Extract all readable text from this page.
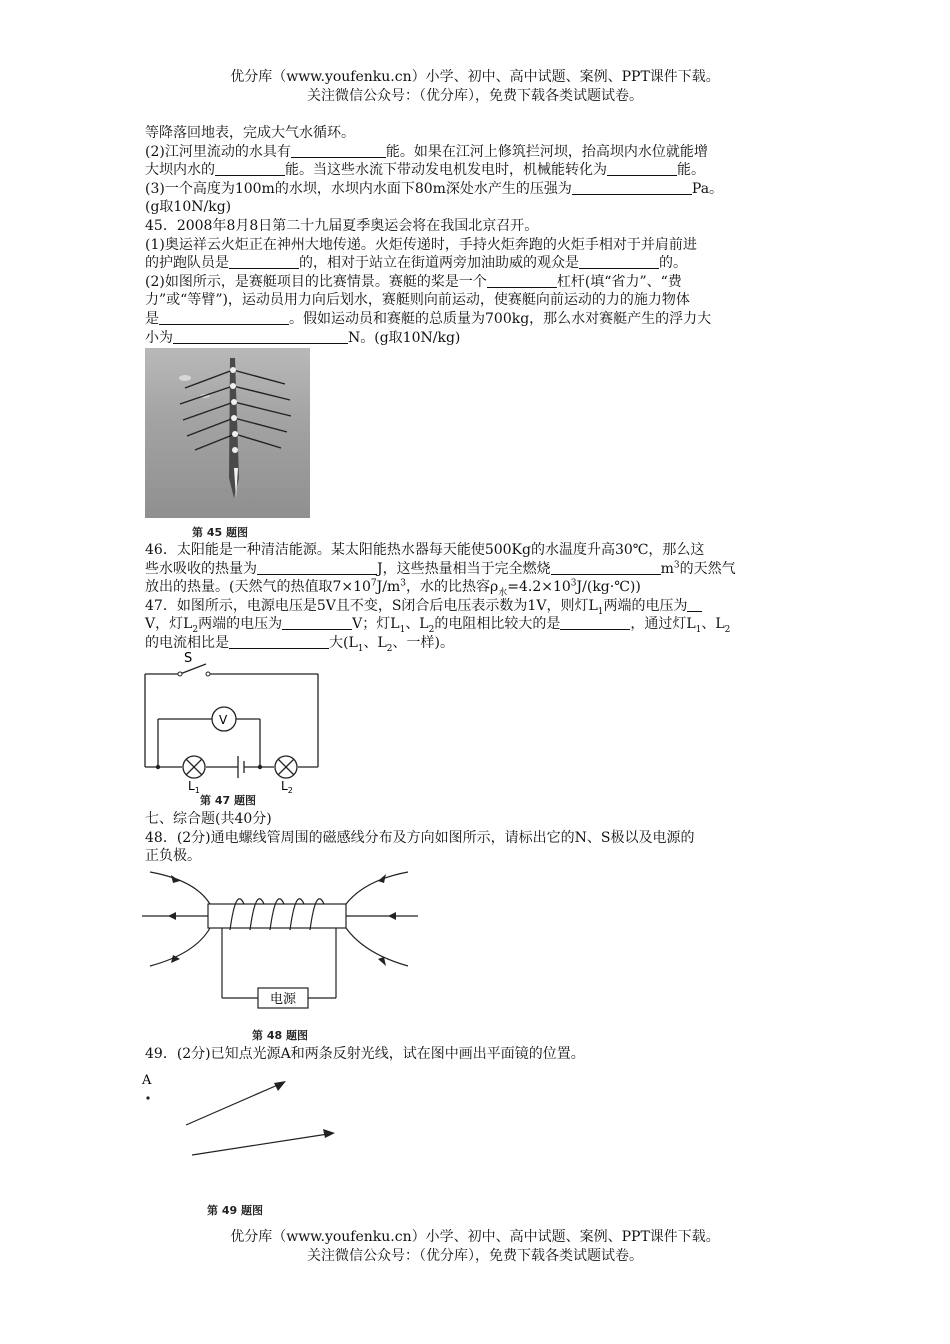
优分库（www.youfenku.cn）小学、初中、高中试题、案例、PPT课件下载。
关注微信公众号：（优分库），免费下载各类试题试卷。

等降落回地表，完成大气水循环。

(2)江河里流动的水具有	能。如果在江河上修筑拦河坝，抬高坝内水位就能增

大坝内水的	能。当这些水流下带动发电机发电时，机械能转化为	能。

(3)一个高度为100m的水坝，水坝内水面下80m深处水产生的压强为	Pa。

(g取10N/kg)

45．2008年8月8日第二十九届夏季奥运会将在我国北京召开。

(1)奥运祥云火炬正在神州大地传递。火炬传递时，手持火炬奔跑的火炬手相对于并肩前进

的护跑队员是	的，相对于站立在街道两旁加油助威的观众是	的。

(2)如图所示，是赛艇项目的比赛情景。赛艇的桨是一个	杠杆(填“省力”、“费

力”或“等臂”)，运动员用力向后划水，赛艇则向前运动，使赛艇向前运动的力的施力物体

是	。假如运动员和赛艇的总质量为700kg，那么水对赛艇产生的浮力大

小为	N。(g取10N/kg)

第 45 题图

46．太阳能是一种清洁能源。某太阳能热水器每天能使500Kg的水温度升高30℃，那么这

些水吸收的热量为	J，这些热量相当于完全燃烧	$m^3$的天然气

放出的热量。(天然气的热值取$7\times 10^7J/m^3$，水的比热容$\rho_水=4.2\times 10^3J/(kg\cdot℃)$)

47．如图所示，电源电压是5V且不变，S闭合后电压表示数为1V，则灯$L_1$两端的电压为

V，灯$L_2$两端的电压为	V；灯$L_1$、$L_2$的电阻相比较大的是	，通过灯$L_1$、$L_2$

的电流相比是	大($L_1$、$L_2$、一样)。

S
V
$L_1$	$L_2$
第 47 题图

七、综合题(共40分)

48．(2分)通电螺线管周围的磁感线分布及方向如图所示，请标出它的N、S极以及电源的

正负极。

电源
第 48 题图

49．(2分)已知点光源A和两条反射光线，试在图中画出平面镜的位置。

A
第 49 题图
优分库（www.youfenku.cn）小学、初中、高中试题、案例、PPT课件下载。
关注微信公众号：（优分库），免费下载各类试题试卷。
